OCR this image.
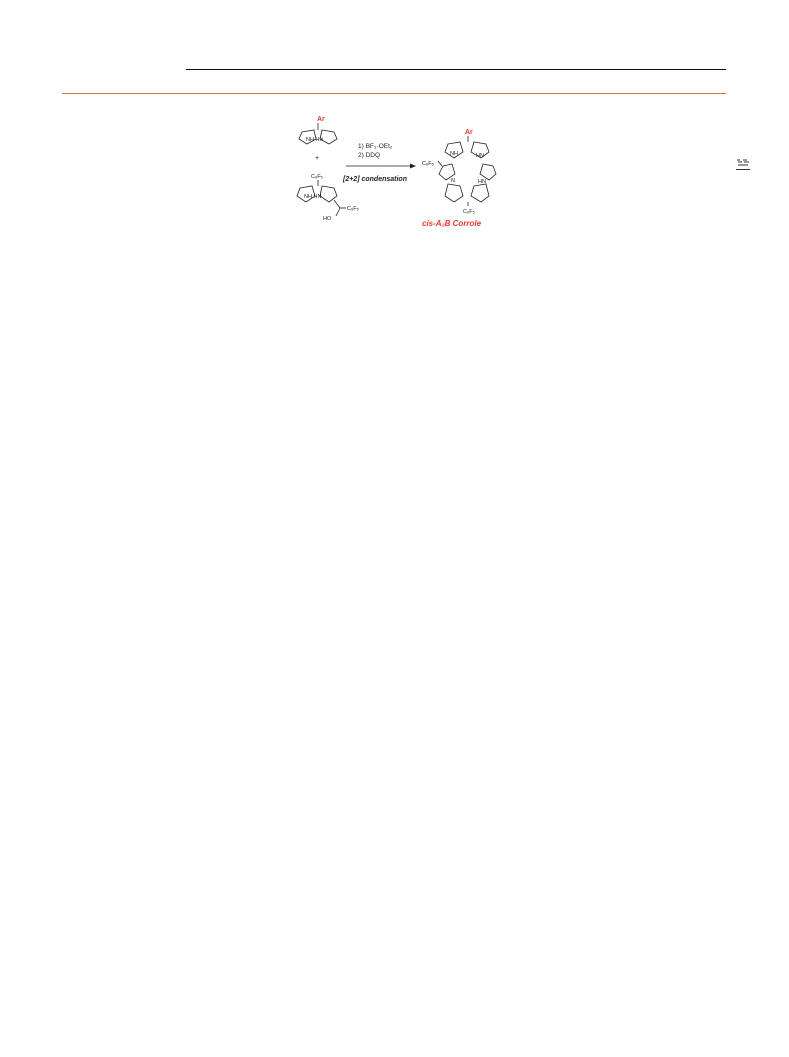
Ar
NH HN
+
C₆F₅
NH HN
C₆F₅
HO
1) BF₃·OEt₂
2) DDQ
[2+2] condensation
Ar
NH	HN
N	HN
C₆F₅
C₆F₅
cis-A₂B Corrole
